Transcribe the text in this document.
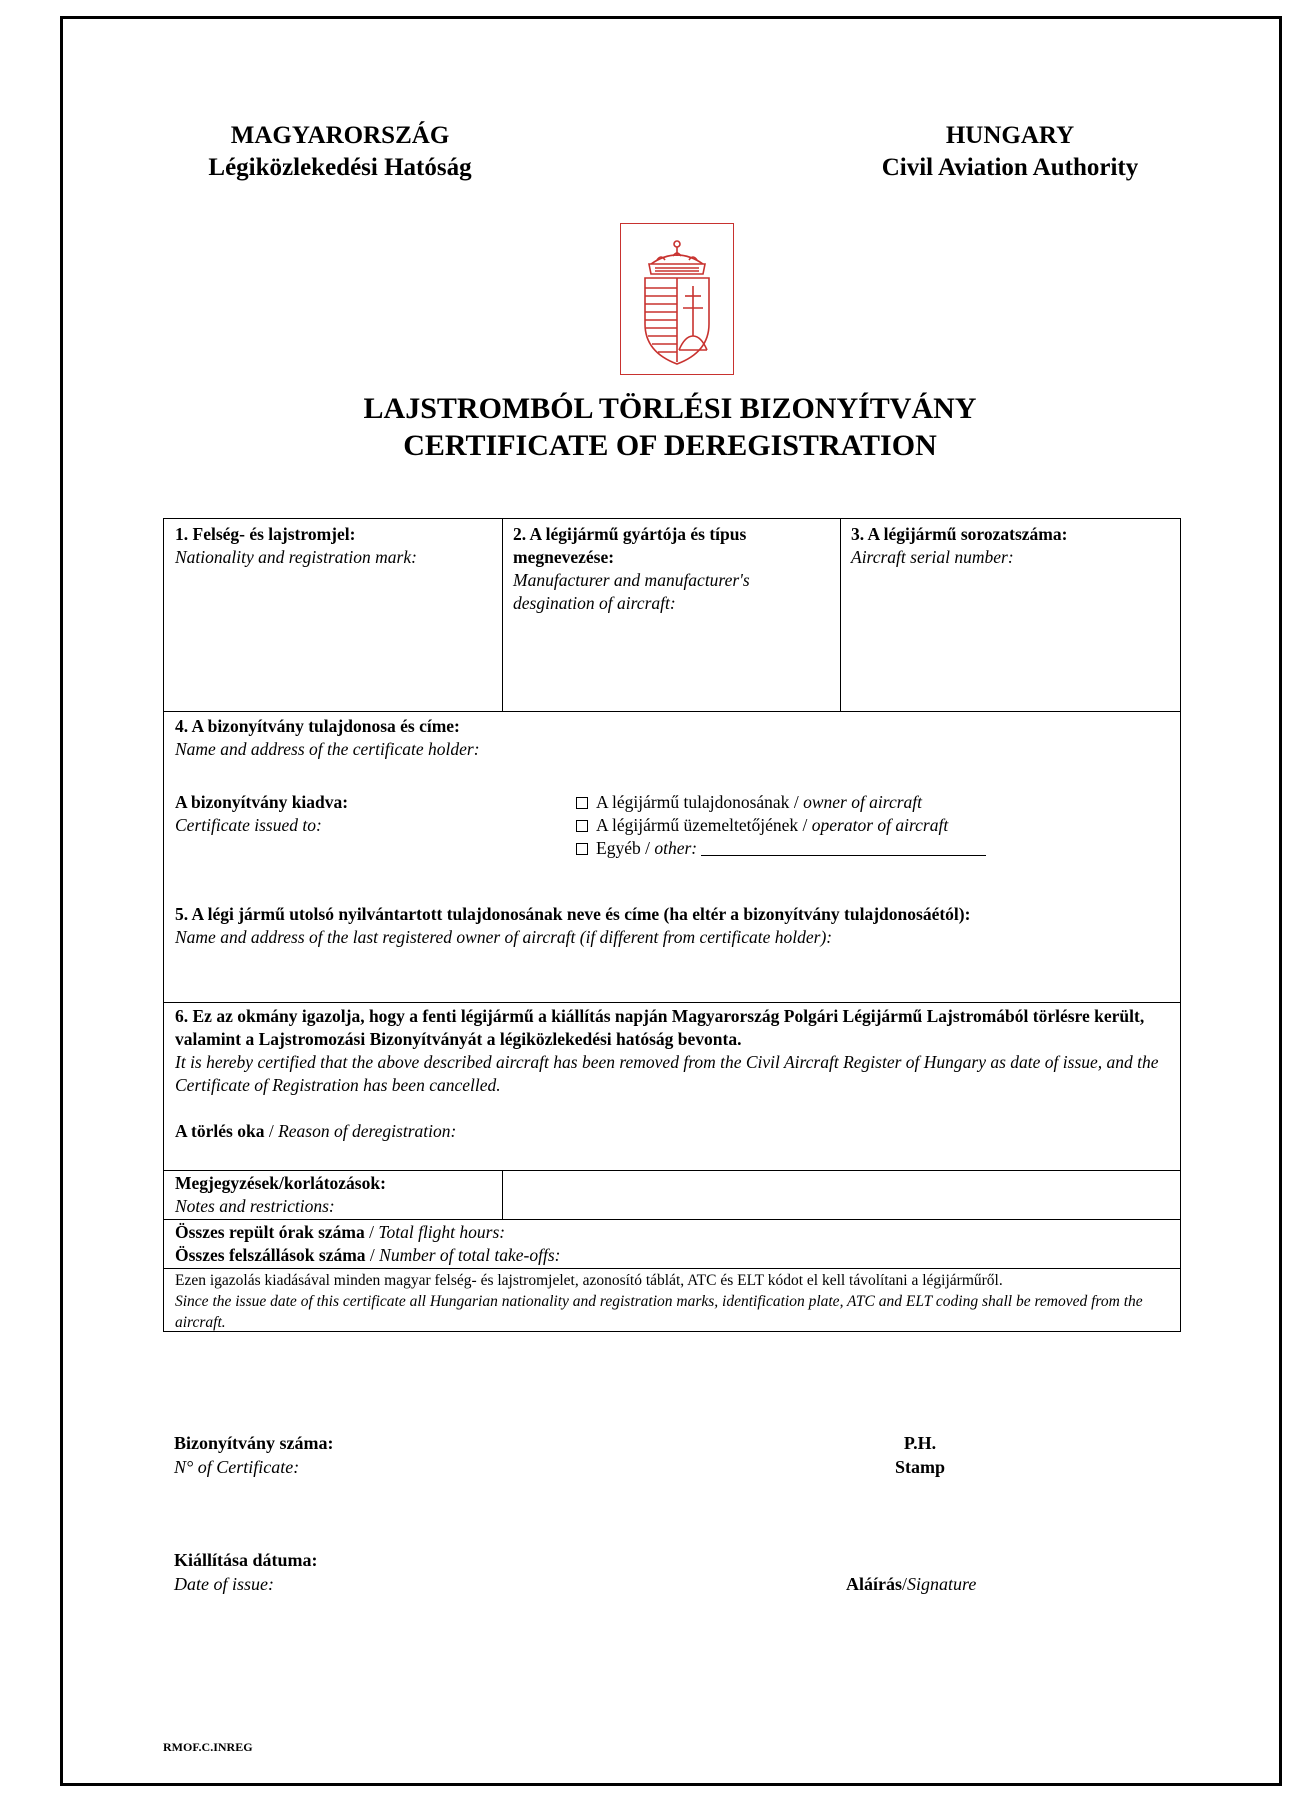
MAGYARORSZÁG
Légiközlekedési Hatóság
HUNGARY
Civil Aviation Authority
LAJSTROMBÓL TÖRLÉSI BIZONYÍTVÁNY
CERTIFICATE OF DEREGISTRATION
1. Felség- és lajstromjel:
Nationality and registration mark:
2. A légijármű gyártója és típus megnevezése:
Manufacturer and manufacturer's desgination of aircraft:
3. A légijármű sorozatszáma:
Aircraft serial number:
4. A bizonyítvány tulajdonosa és címe:
Name and address of the certificate holder:
A bizonyítvány kiadva:
Certificate issued to:
A légijármű tulajdonosának / owner of aircraft
A légijármű üzemeltetőjének / operator of aircraft
Egyéb / other:
5. A légi jármű utolsó nyilvántartott tulajdonosának neve és címe (ha eltér a bizonyítvány tulajdonosáétól):
Name and address of the last registered owner of aircraft (if different from certificate holder):
6. Ez az okmány igazolja, hogy a fenti légijármű a kiállítás napján Magyarország Polgári Légijármű Lajstromából törlésre került, valamint a Lajstromozási Bizonyítványát a légiközlekedési hatóság bevonta.
It is hereby certified that the above described aircraft has been removed from the Civil Aircraft Register of Hungary as date of issue, and the Certificate of Registration has been cancelled.
A törlés oka / Reason of deregistration:
Megjegyzések/korlátozások:
Notes and restrictions:
Összes repült órak száma / Total flight hours:
Összes felszállások száma / Number of total take-offs:
Ezen igazolás kiadásával minden magyar felség- és lajstromjelet, azonosító táblát, ATC és ELT kódot el kell távolítani a légijárműről.
Since the issue date of this certificate all Hungarian nationality and registration marks, identification plate, ATC and ELT coding shall be removed from the aircraft.
Bizonyítvány száma:
N° of Certificate:
P.H.
Stamp
Kiállítása dátuma:
Date of issue:	Aláírás/Signature
RMOF.C.INREG
